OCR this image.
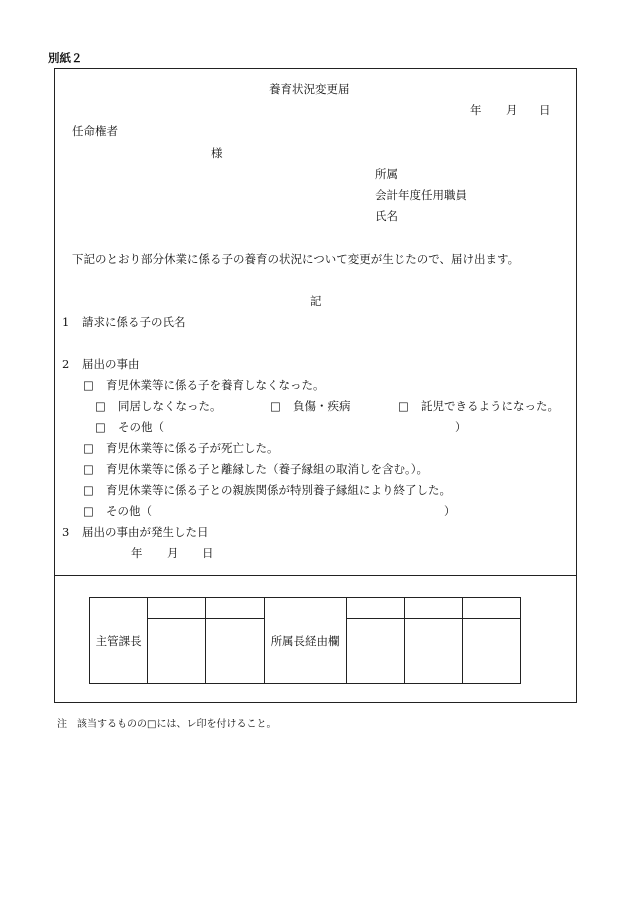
別紙２
養育状況変更届
年 月 日
任命権者
様
所属
会計年度任用職員
氏名
下記のとおり部分休業に係る子の養育の状況について変更が生じたので、届け出ます。
記
1 請求に係る子の氏名
2 届出の事由
□ 育児休業等に係る子を養育しなくなった。
□ 同居しなくなった。	□ 負傷・疾病	□ 託児できるようになった。
□ その他（	）
□ 育児休業等に係る子が死亡した。
□ 育児休業等に係る子と離縁した（養子縁組の取消しを含む。）。
□ 育児休業等に係る子との親族関係が特別養子縁組により終了した。
□ その他（	）
3 届出の事由が発生した日
年 月 日
主管課長			所属長経由欄			

注　該当するものの□には、レ印を付けること。
